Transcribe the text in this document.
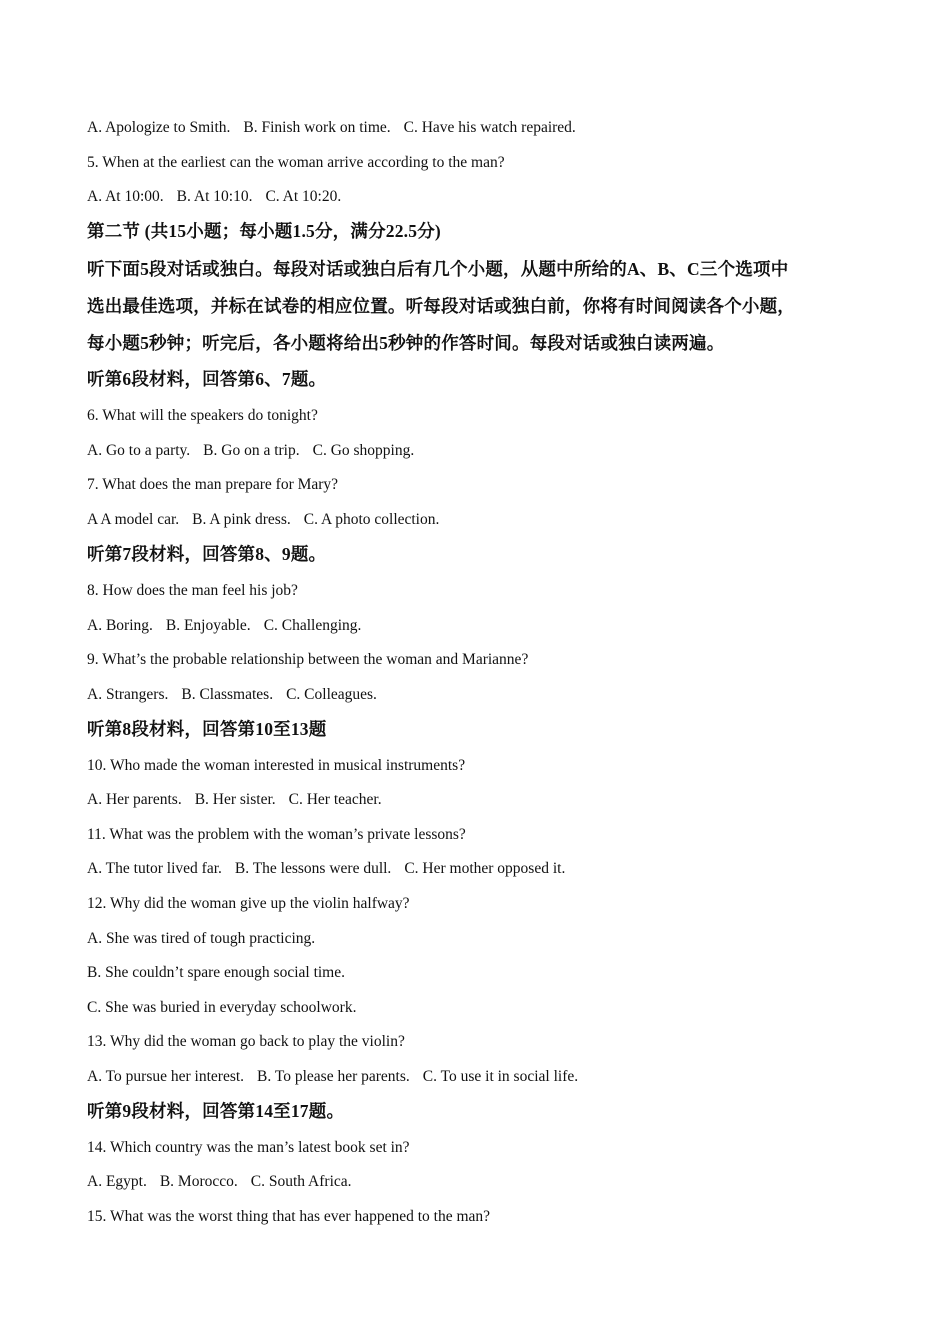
A. Apologize to Smith. B. Finish work on time. C. Have his watch repaired.
5. When at the earliest can the woman arrive according to the man?
A. At 10:00. B. At 10:10. C. At 10:20.
第二节 (共15小题；每小题1.5分，满分22.5分)
听下面5段对话或独白。每段对话或独白后有几个小题，从题中所给的A、B、C三个选项中
选出最佳选项，并标在试卷的相应位置。听每段对话或独白前，你将有时间阅读各个小题，
每小题5秒钟；听完后，各小题将给出5秒钟的作答时间。每段对话或独白读两遍。
听第6段材料，回答第6、7题。
6. What will the speakers do tonight?
A. Go to a party. B. Go on a trip. C. Go shopping.
7. What does the man prepare for Mary?
A A model car. B. A pink dress. C. A photo collection.
听第7段材料，回答第8、9题。
8. How does the man feel his job?
A. Boring. B. Enjoyable. C. Challenging.
9. What’s the probable relationship between the woman and Marianne?
A. Strangers. B. Classmates. C. Colleagues.
听第8段材料，回答第10至13题
10. Who made the woman interested in musical instruments?
A. Her parents. B. Her sister. C. Her teacher.
11. What was the problem with the woman’s private lessons?
A. The tutor lived far. B. The lessons were dull. C. Her mother opposed it.
12. Why did the woman give up the violin halfway?
A. She was tired of tough practicing.
B. She couldn’t spare enough social time.
C. She was buried in everyday schoolwork.
13. Why did the woman go back to play the violin?
A. To pursue her interest. B. To please her parents. C. To use it in social life.
听第9段材料，回答第14至17题。
14. Which country was the man’s latest book set in?
A. Egypt. B. Morocco. C. South Africa.
15. What was the worst thing that has ever happened to the man?
